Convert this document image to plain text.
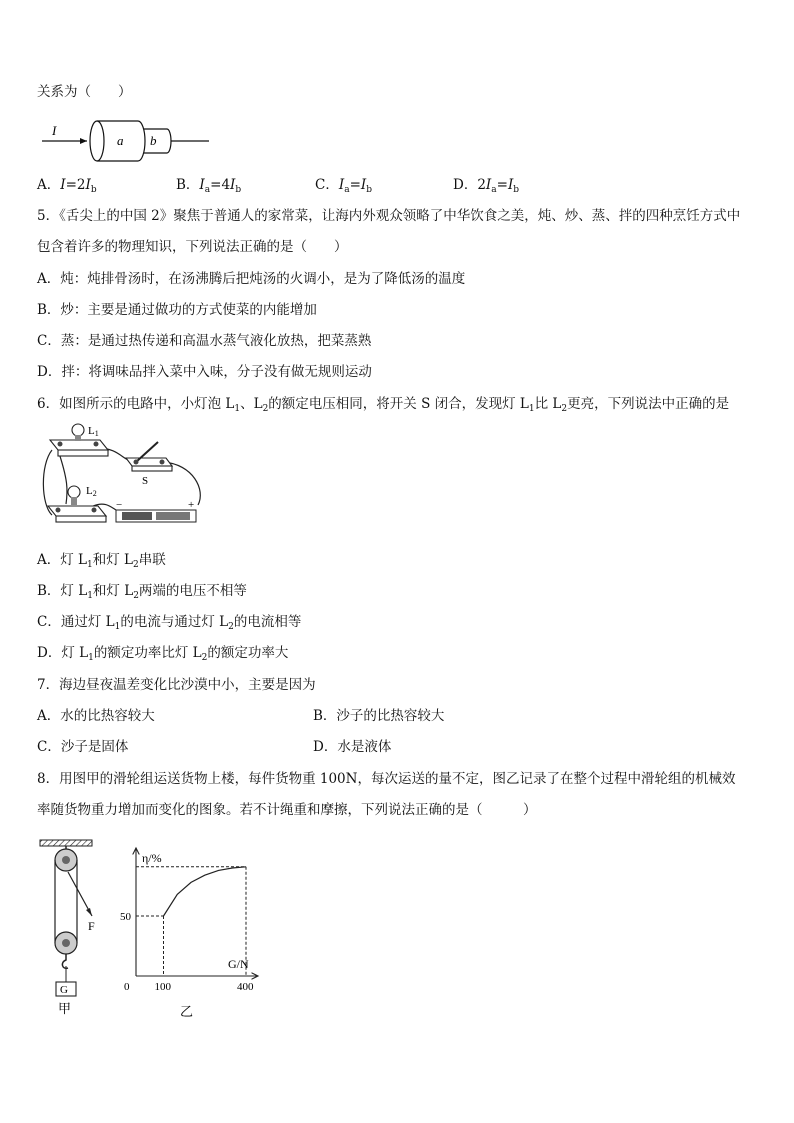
关系为（　　）
I
a b
A．$I=2I_b$	B．$I_a=4I_b$	C．$I_a=I_b$	D．$2I_a=I_b$
5．《舌尖上的中国 2》聚焦于普通人的家常菜，让海内外观众领略了中华饮食之美，炖、炒、蒸、拌的四种烹饪方式中
包含着许多的物理知识，下列说法正确的是（　　）
A．炖：炖排骨汤时，在汤沸腾后把炖汤的火调小，是为了降低汤的温度
B．炒：主要是通过做功的方式使菜的内能增加
C．蒸：是通过热传递和高温水蒸气液化放热，把菜蒸熟
D．拌：将调味品拌入菜中入味，分子没有做无规则运动
6．如图所示的电路中，小灯泡 $L_1$、$L_2$的额定电压相同，将开关 S 闭合，发现灯 $L_1$比 $L_2$更亮，下列说法中正确的是
L1
L2
S
−	+
A．灯 $L_1$和灯 $L_2$串联
B．灯 $L_1$和灯 $L_2$两端的电压不相等
C．通过灯 $L_1$的电流与通过灯 $L_2$的电流相等
D．灯 $L_1$的额定功率比灯 $L_2$的额定功率大
7．海边昼夜温差变化比沙漠中小，主要是因为
A．水的比热容较大	B．沙子的比热容较大
C．沙子是固体	D．水是液体
8．用图甲的滑轮组运送货物上楼，每件货物重 100N，每次运送的量不定，图乙记录了在整个过程中滑轮组的机械效
率随货物重力增加而变化的图象。若不计绳重和摩擦，下列说法正确的是（　　　）
F
G
甲
η/%
G/N
0 100	400
50
乙
